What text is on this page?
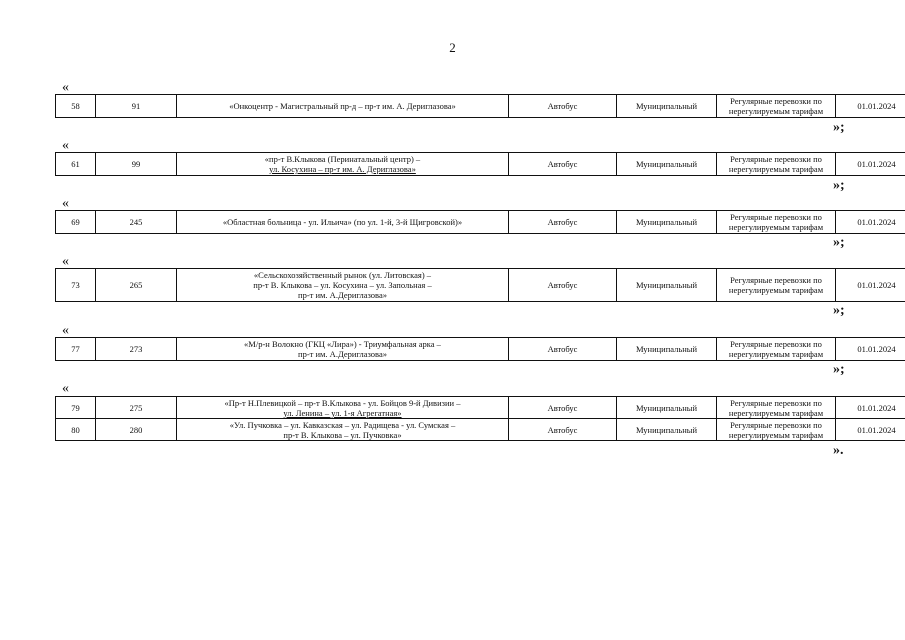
2
«
58	91	«Онкоцентр - Магистральный пр-д – пр-т им. А. Дериглазова»	Автобус	Муниципальный	Регулярные перевозки по
нерегулируемым тарифам	01.01.2024
»;
«
61	99	«пр-т В.Клыкова (Перинатальный центр) –
ул. Косухина – пр-т им. А. Дериглазова»	Автобус	Муниципальный	Регулярные перевозки по
нерегулируемым тарифам	01.01.2024
»;
«
69	245	«Областная больница - ул. Ильича» (по ул. 1-й, 3-й Щигровской)»	Автобус	Муниципальный	Регулярные перевозки по
нерегулируемым тарифам	01.01.2024
»;
«
73	265	
«Сельскохозяйственный рынок (ул. Литовская) –
пр-т В. Клыкова – ул. Косухина – ул. Запольная –
пр-т им. А.Дериглазова»
	Автобус	Муниципальный	Регулярные перевозки по
нерегулируемым тарифам	01.01.2024
»;
«
77	273	«М/р-н Волокно (ГКЦ «Лира») - Триумфальная арка –
пр-т им. А.Дериглазова»	Автобус	Муниципальный	Регулярные перевозки по
нерегулируемым тарифам	01.01.2024
»;
«
79	275	«Пр-т Н.Плевицкой – пр-т В.Клыкова - ул. Бойцов 9-й Дивизии –
ул. Ленина – ул. 1-я Агрегатная»	Автобус	Муниципальный	Регулярные перевозки по
нерегулируемым тарифам	01.01.2024
80	280	«Ул. Пучковка – ул. Кавказская – ул. Радищева - ул. Сумская –
пр-т В. Клыкова – ул. Пучковка»	Автобус	Муниципальный	Регулярные перевозки по
нерегулируемым тарифам	01.01.2024
».
